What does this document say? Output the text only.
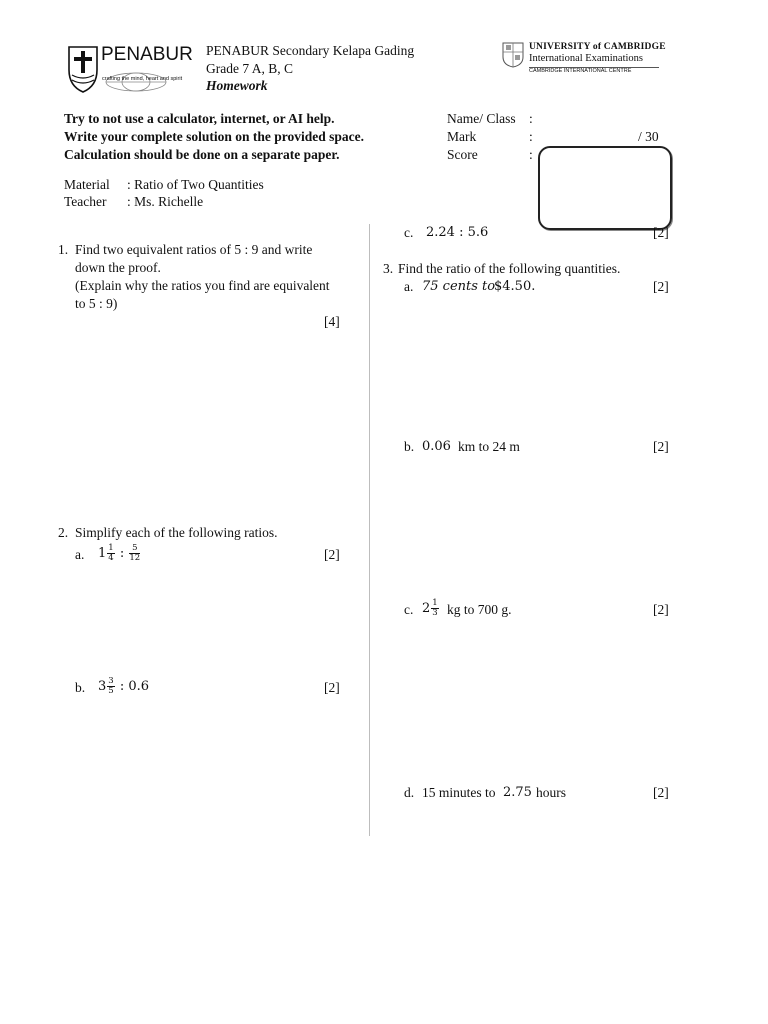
PENABUR
crafting the mind, heart and spirit
PENABUR Secondary Kelapa Gading
Grade 7 A, B, C
Homework
UNIVERSITY of CAMBRIDGE
International Examinations
CAMBRIDGE INTERNATIONAL CENTRE
Try to not use a calculator, internet, or AI help.
Write your complete solution on the provided space.
Calculation should be done on a separate paper.
Name/ Class :
Mark	:	/ 30
Score	:
Material : Ratio of Two Quantities
Teacher : Ms. Richelle
1. Find two equivalent ratios of 5 : 9 and write
down the proof.
(Explain why the ratios you find are equivalent
to 5 : 9)
[4]
2. Simplify each of the following ratios.
a. $1 \frac{1}{4}$ : $\frac{5}{12}$	[2]
b. $3 \frac{3}{5}$ : 0.6	[2]
c. 2.24 : 5.6	[2]
3. Find the ratio of the following quantities.
a. 75 cents to
$4.50.	[2]
b. 0.06 km to 24 m	[2]
c. $2 \frac{1}{3}$ kg to 700 g.	[2]
d. 15 minutes to 2.75 hours	[2]
